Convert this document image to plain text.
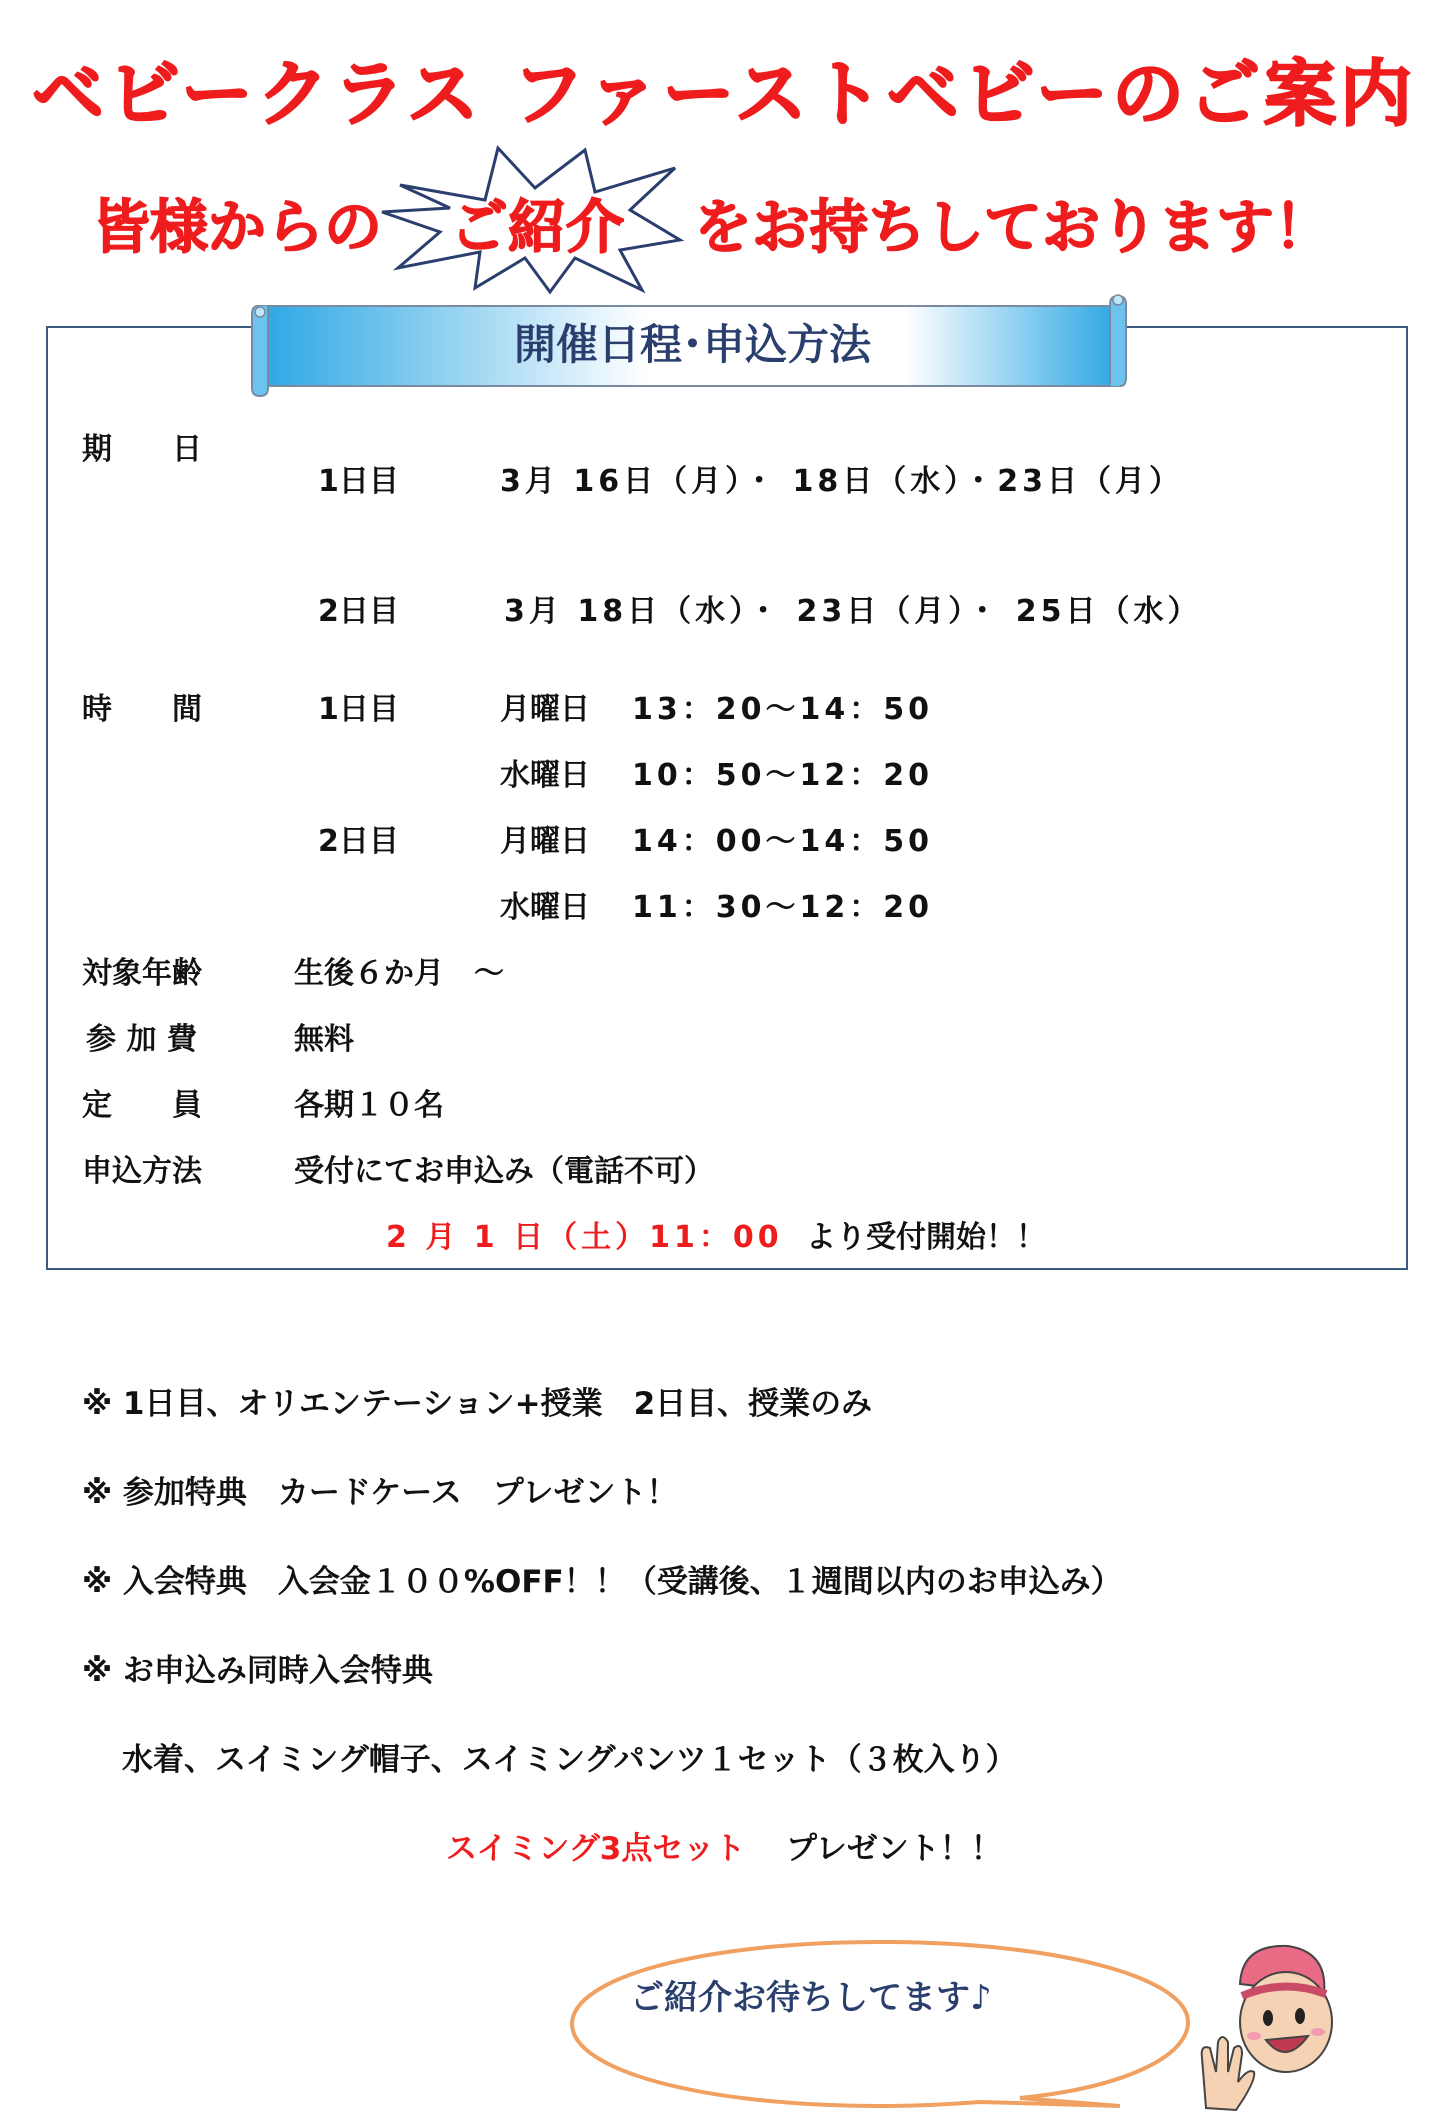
ベビークラス ファーストベビーのご案内
皆様からの ご紹介 をお持ちしております！
開催日程･申込方法
期　　日
1日目	3月 16日（月）・ 18日（水）・23日（月）
2日目	3月 18日（水）・ 23日（月）・ 25日（水）
時　　間	1日目	月曜日 13：20～14：50
水曜日 10：50～12：20
2日目	月曜日 14：00～14：50
水曜日 11：30～12：20
対象年齢	生後６か月　～
参 加 費	無料
定　　員	各期１０名
申込方法	受付にてお申込み（電話不可）
2 月 1 日（土）11：00 より受付開始！！
※ 1日目、オリエンテーション+授業　2日目、授業のみ
※ 参加特典　カードケース　プレゼント！
※ 入会特典　入会金１００%OFF！！（受講後、１週間以内のお申込み）
※ お申込み同時入会特典
水着、スイミング帽子、スイミングパンツ１セット（３枚入り）
スイミング3点セット プレゼント！！
ご紹介お待ちしてます♪
